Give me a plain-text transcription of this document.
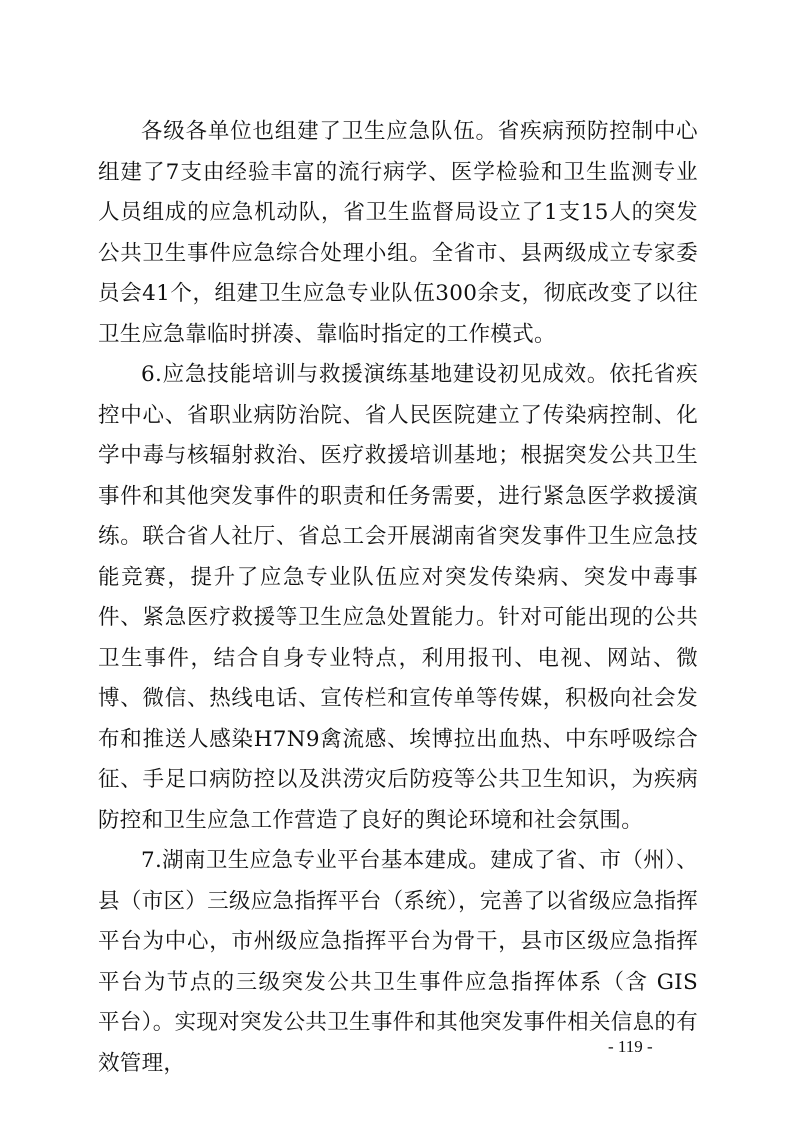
各级各单位也组建了卫生应急队伍。省疾病预防控制中心组建了7支由经验丰富的流行病学、医学检验和卫生监测专业人员组成的应急机动队，省卫生监督局设立了1支15人的突发公共卫生事件应急综合处理小组。全省市、县两级成立专家委员会41个，组建卫生应急专业队伍300余支，彻底改变了以往卫生应急靠临时拼凑、靠临时指定的工作模式。

6.应急技能培训与救援演练基地建设初见成效。依托省疾控中心、省职业病防治院、省人民医院建立了传染病控制、化学中毒与核辐射救治、医疗救援培训基地；根据突发公共卫生事件和其他突发事件的职责和任务需要，进行紧急医学救援演练。联合省人社厅、省总工会开展湖南省突发事件卫生应急技能竞赛，提升了应急专业队伍应对突发传染病、突发中毒事件、紧急医疗救援等卫生应急处置能力。针对可能出现的公共卫生事件，结合自身专业特点，利用报刊、电视、网站、微博、微信、热线电话、宣传栏和宣传单等传媒，积极向社会发布和推送人感染H7N9禽流感、埃博拉出血热、中东呼吸综合征、手足口病防控以及洪涝灾后防疫等公共卫生知识，为疾病防控和卫生应急工作营造了良好的舆论环境和社会氛围。

7.湖南卫生应急专业平台基本建成。建成了省、市（州）、县（市区）三级应急指挥平台（系统），完善了以省级应急指挥平台为中心，市州级应急指挥平台为骨干，县市区级应急指挥平台为节点的三级突发公共卫生事件应急指挥体系（含 GIS 平台）。实现对突发公共卫生事件和其他突发事件相关信息的有效管理，

- 119 -
